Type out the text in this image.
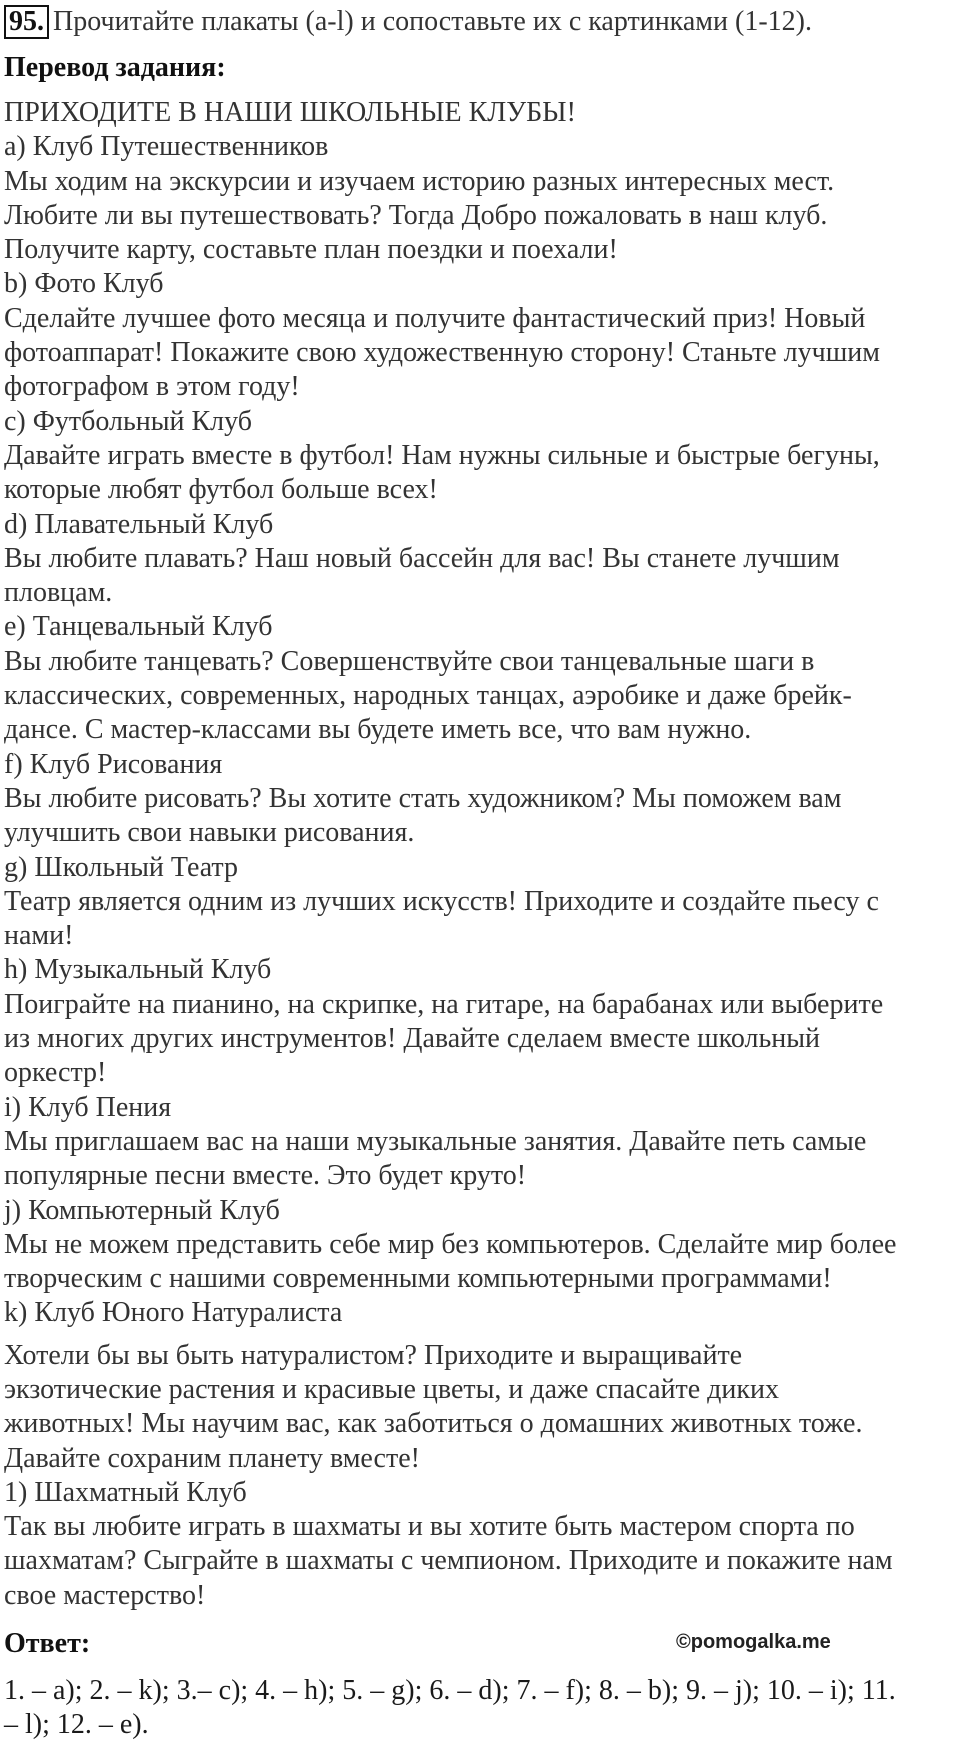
95. Прочитайте плакаты (a-l) и сопоставьте их с картинками (1-12).
Перевод задания:
ПРИХОДИТЕ В НАШИ ШКОЛЬНЫЕ КЛУБЫ!
a) Клуб Путешественников
Мы ходим на экскурсии и изучаем историю разных интересных мест.
Любите ли вы путешествовать? Тогда Добро пожаловать в наш клуб.
Получите карту, составьте план поездки и поехали!
b) Фото Клуб
Сделайте лучшее фото месяца и получите фантастический приз! Новый
фотоаппарат! Покажите свою художественную сторону! Станьте лучшим
фотографом в этом году!
c) Футбольный Клуб
Давайте играть вместе в футбол! Нам нужны сильные и быстрые бегуны,
которые любят футбол больше всех!
d) Плавательный Клуб
Вы любите плавать? Наш новый бассейн для вас! Вы станете лучшим
пловцам.
e) Танцевальный Клуб
Вы любите танцевать? Совершенствуйте свои танцевальные шаги в
классических, современных, народных танцах, аэробике и даже брейк-
дансе. С мастер-классами вы будете иметь все, что вам нужно.
f) Клуб Рисования
Вы любите рисовать? Вы хотите стать художником? Мы поможем вам
улучшить свои навыки рисования.
g) Школьный Театр
Театр является одним из лучших искусств! Приходите и создайте пьесу с
нами!
h) Музыкальный Клуб
Поиграйте на пианино, на скрипке, на гитаре, на барабанах или выберите
из многих других инструментов! Давайте сделаем вместе школьный
оркестр!
i) Клуб Пения
Мы приглашаем вас на наши музыкальные занятия. Давайте петь самые
популярные песни вместе. Это будет круто!
j) Компьютерный Клуб
Мы не можем представить себе мир без компьютеров. Сделайте мир более
творческим с нашими современными компьютерными программами!
k) Клуб Юного Натуралиста
Хотели бы вы быть натуралистом? Приходите и выращивайте
экзотические растения и красивые цветы, и даже спасайте диких
животных! Мы научим вас, как заботиться о домашних животных тоже.
Давайте сохраним планету вместе!
1) Шахматный Клуб
Так вы любите играть в шахматы и вы хотите быть мастером спорта по
шахматам? Сыграйте в шахматы с чемпионом. Приходите и покажите нам
свое мастерство!
Ответ:	©pomogalka.me
1. – a); 2. – k); 3.– c); 4. – h); 5. – g); 6. – d); 7. – f); 8. – b); 9. – j); 10. – i); 11.
– l); 12. – e).
